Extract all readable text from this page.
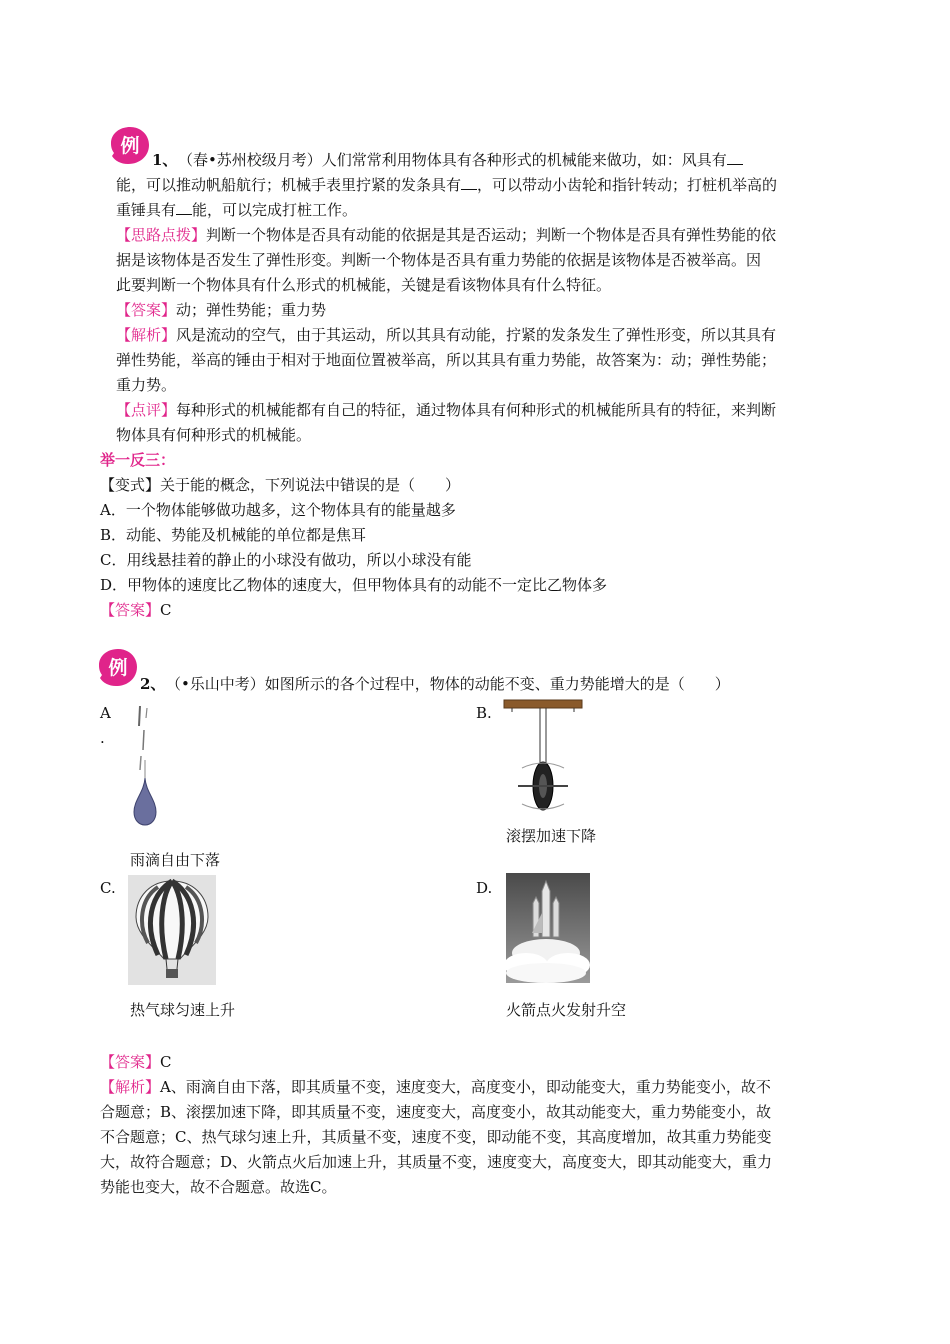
例
1、 （春•苏州校级月考）人们常常利用物体具有各种形式的机械能来做功，如：风具有
能，可以推动帆船航行；机械手表里拧紧的发条具有 ，可以带动小齿轮和指针转动；打桩机举高的
重锤具有 能，可以完成打桩工作。
【思路点拨】判断一个物体是否具有动能的依据是其是否运动；判断一个物体是否具有弹性势能的依
据是该物体是否发生了弹性形变。判断一个物体是否具有重力势能的依据是该物体是否被举高。因
此要判断一个物体具有什么形式的机械能，关键是看该物体具有什么特征。
【答案】动；弹性势能；重力势
【解析】风是流动的空气，由于其运动，所以其具有动能，拧紧的发条发生了弹性形变，所以其具有
弹性势能，举高的锤由于相对于地面位置被举高，所以其具有重力势能，故答案为：动；弹性势能；
重力势。
【点评】每种形式的机械能都有自己的特征，通过物体具有何种形式的机械能所具有的特征，来判断
物体具有何种形式的机械能。
举一反三：
【变式】关于能的概念，下列说法中错误的是（　　）
A．一个物体能够做功越多，这个物体具有的能量越多
B．动能、势能及机械能的单位都是焦耳
C．用线悬挂着的静止的小球没有做功，所以小球没有能
D．甲物体的速度比乙物体的速度大，但甲物体具有的动能不一定比乙物体多
【答案】C
例
2、 （•乐山中考）如图所示的各个过程中，物体的动能不变、重力势能增大的是（　　）
A
.
雨滴自由下落
B.
滚摆加速下降
C.
热气球匀速上升
D.
火箭点火发射升空
【答案】C
【解析】A、雨滴自由下落，即其质量不变，速度变大，高度变小，即动能变大，重力势能变小，故不
合题意；B、滚摆加速下降，即其质量不变，速度变大，高度变小，故其动能变大，重力势能变小，故
不合题意；C、热气球匀速上升，其质量不变，速度不变，即动能不变，其高度增加，故其重力势能变
大，故符合题意；D、火箭点火后加速上升，其质量不变，速度变大，高度变大，即其动能变大，重力
势能也变大，故不合题意。故选C。
